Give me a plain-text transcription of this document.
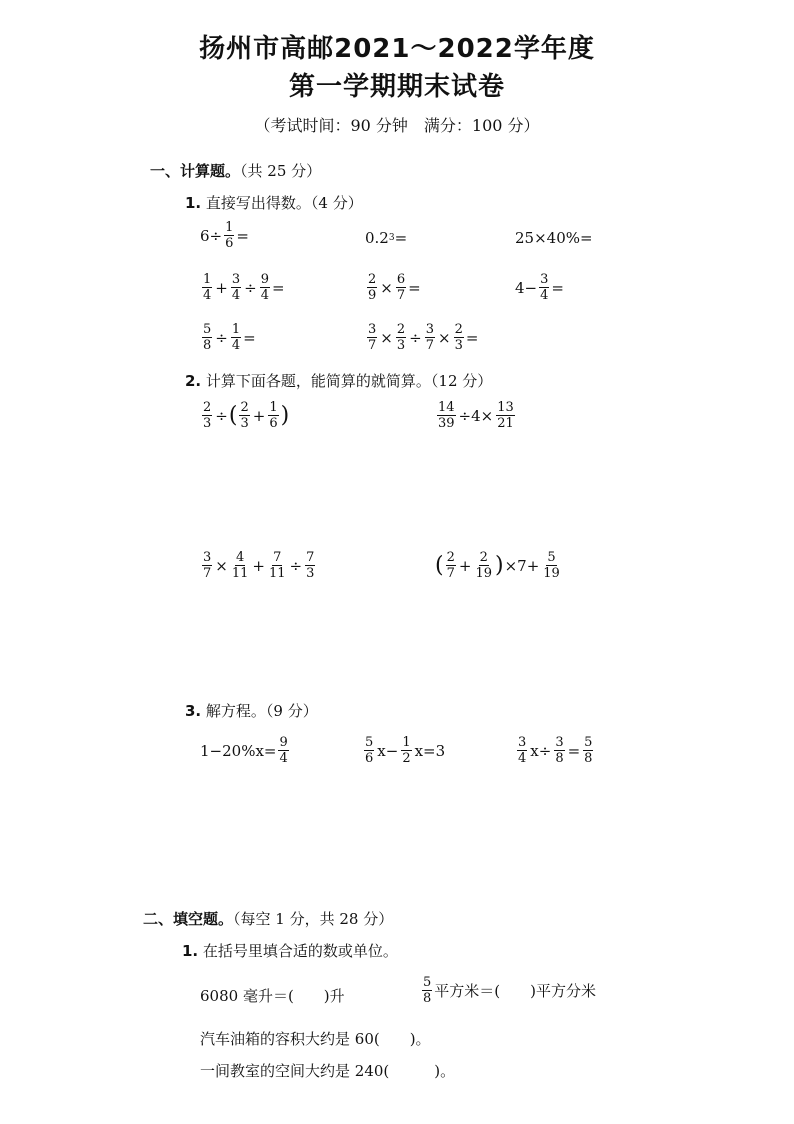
扬州市高邮2021～2022学年度
第一学期期末试卷
（考试时间：90 分钟　满分：100 分）
一、计算题。（共 25 分）
1. 直接写出得数。（4 分）
$6\div \frac{1}{6}$ =	0.2 3 =	25×40%=
$\frac{1}{4} + \frac{3}{4} \div \frac{9}{4}$ =	$\frac{2}{9} \times \frac{6}{7}$ =	$4- \frac{3}{4}$ =
$\frac{5}{8} \div \frac{1}{4}$ =	$\frac{3}{7} \times \frac{2}{3} \div \frac{3}{7} \times \frac{2}{3}$ =
2. 计算下面各题，能简算的就简算。（12 分）
$\frac{2}{3}$ ÷ ( $\frac{2}{3} + \frac{1}{6}$ )	$\frac{14}{39} \div 4\times \frac{13}{21}$
$\frac{3}{7} \times \frac{4}{11} + \frac{7}{11} \div \frac{7}{3}$	( $\frac{2}{7} + \frac{2}{19}$ ) $\times 7+ \frac{5}{19}$
3. 解方程。（9 分）
$1-20\%x= \frac{9}{4}$	$\frac{5}{6} x- \frac{1}{2} x=3$	$\frac{3}{4} x\div \frac{3}{8} = \frac{5}{8}$
二、填空题。（每空 1 分，共 28 分）
1. 在括号里填合适的数或单位。
6080 毫升＝(　　)升	$\frac{5}{8}$ 平方米＝(　　)平方分米
汽车油箱的容积大约是 60(　　)。
一间教室的空间大约是 240(　　　)。
